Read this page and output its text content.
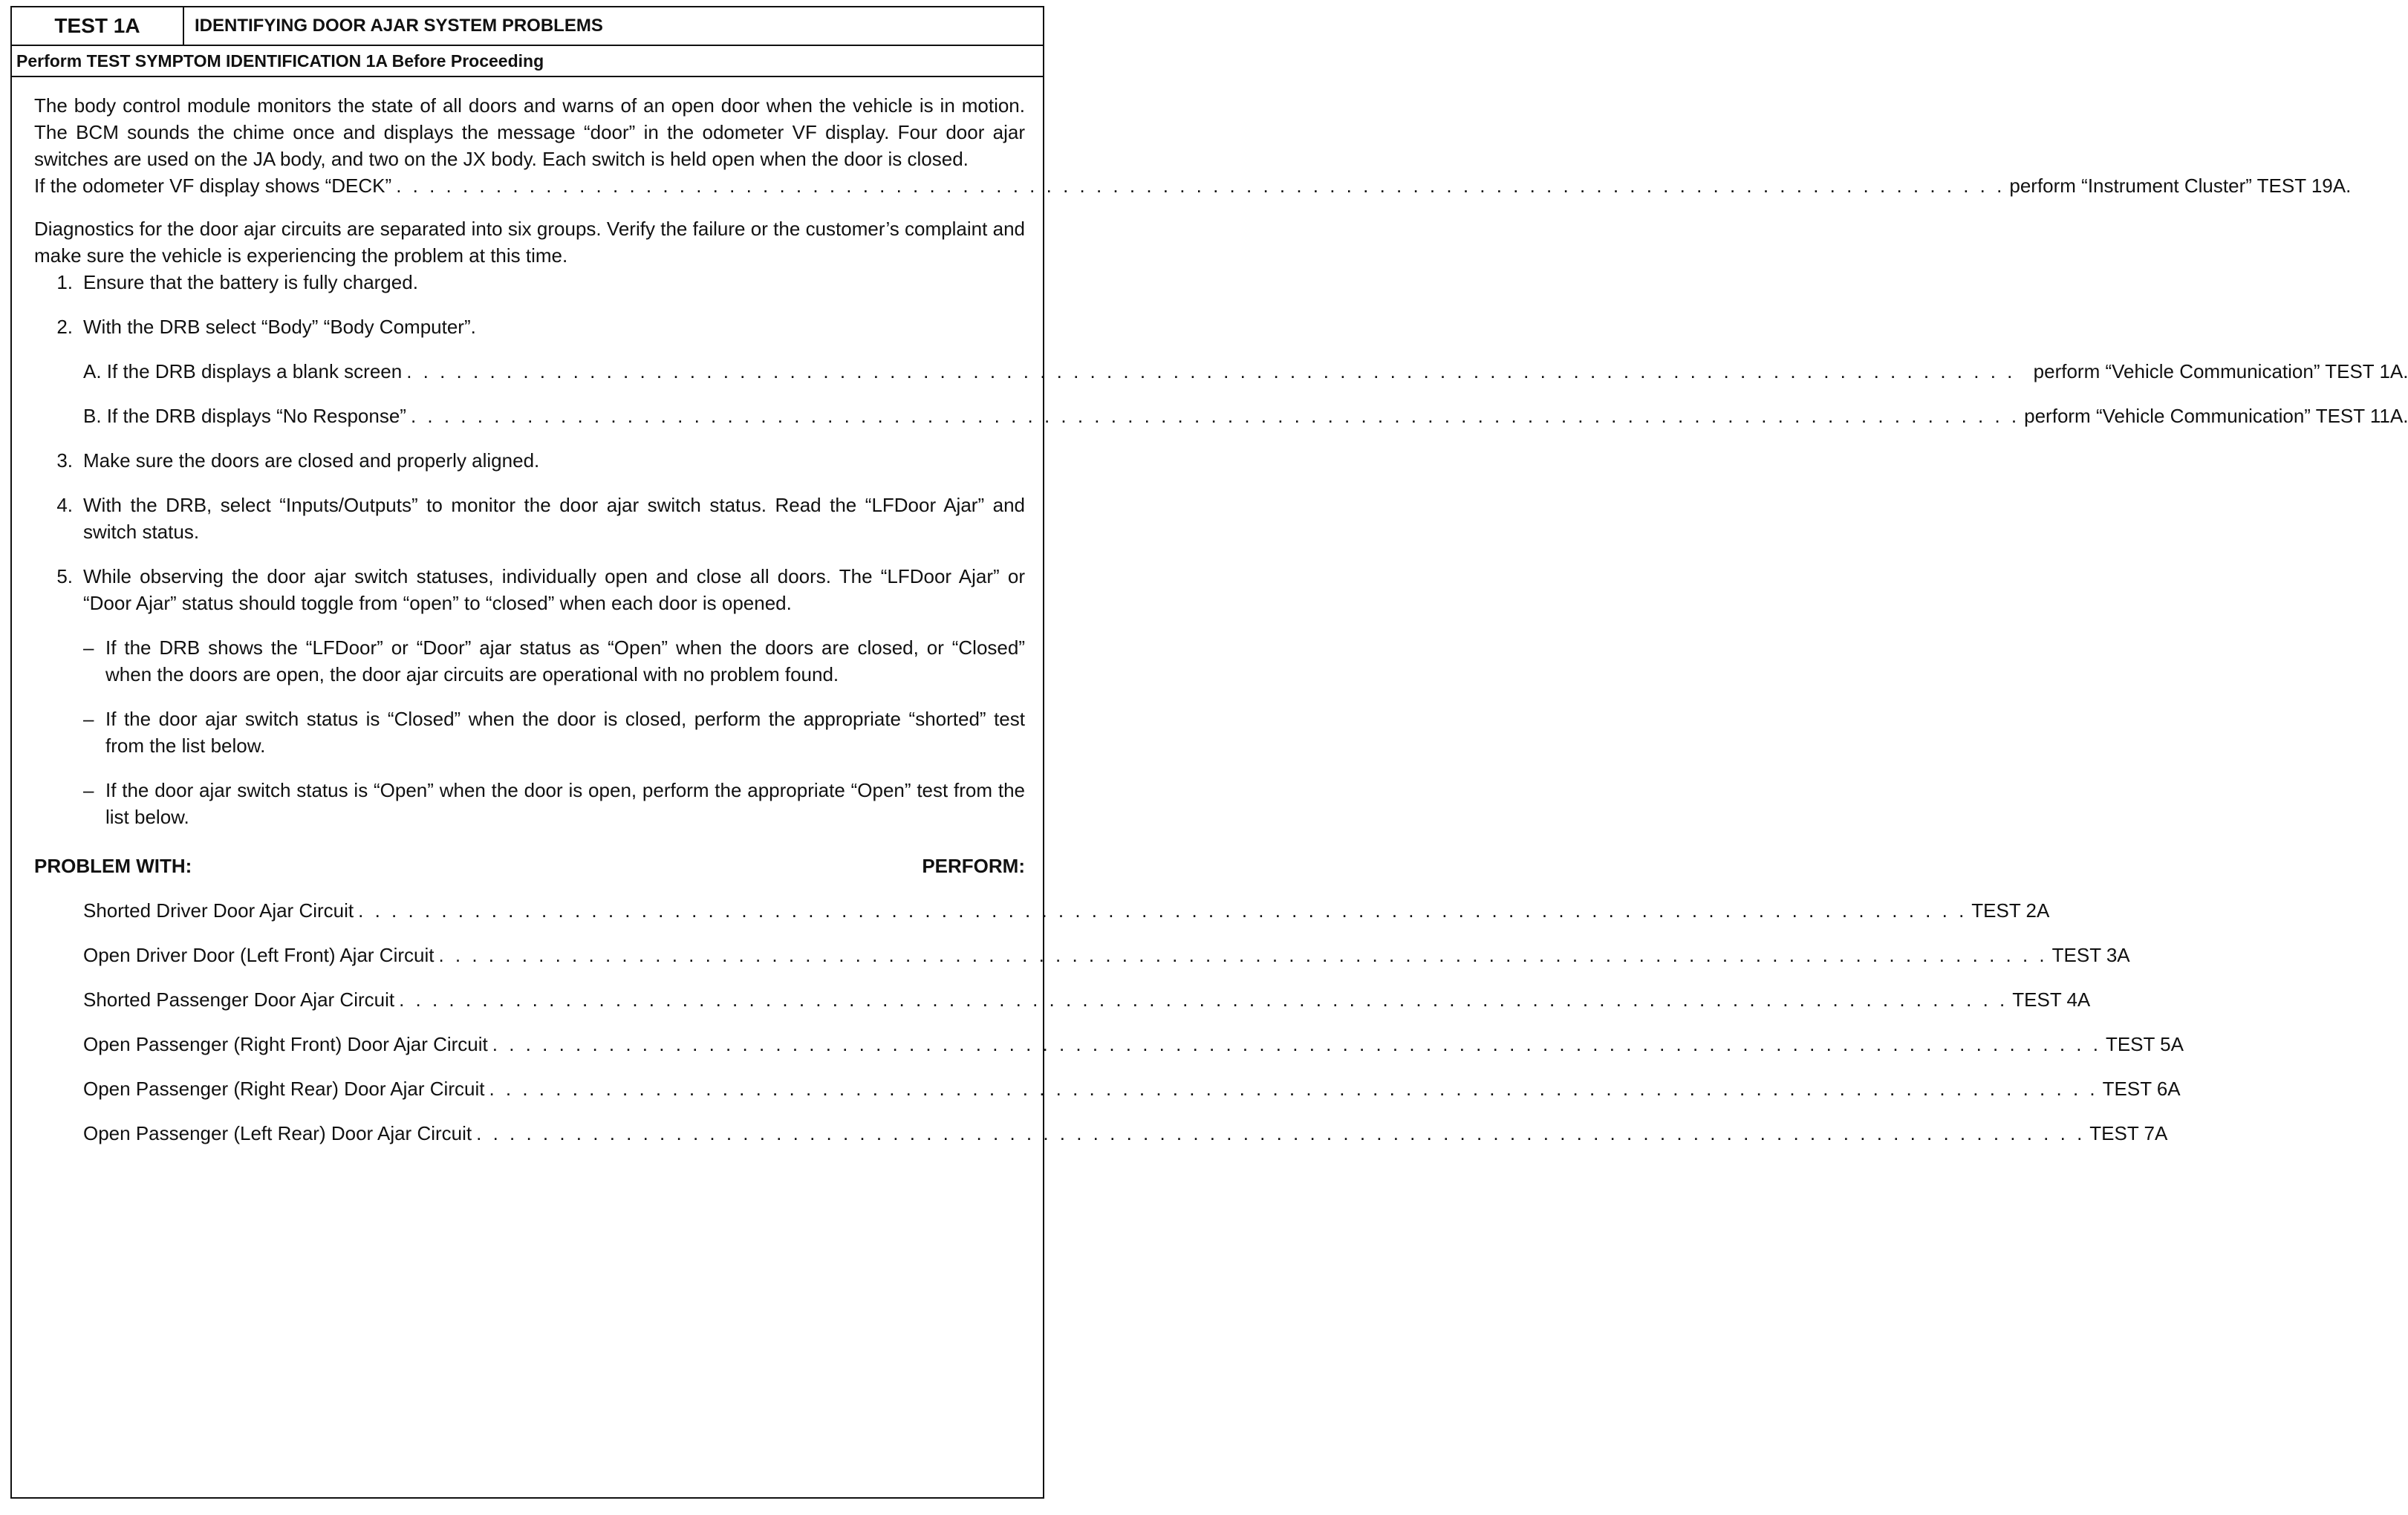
TEST 1A	IDENTIFYING DOOR AJAR SYSTEM PROBLEMS
Perform TEST SYMPTOM IDENTIFICATION 1A Before Proceeding

The body control module monitors the state of all doors and warns of an open door when the vehicle is in motion. The BCM sounds the chime once and displays the message “door” in the odometer VF display. Four door ajar switches are used on the JA body, and two on the JX body. Each switch is held open when the door is closed.

If the odometer VF display shows “DECK” . . .	perform “Instrument Cluster” TEST 19A.

Diagnostics for the door ajar circuits are separated into six groups. Verify the failure or the customer’s complaint and make sure the vehicle is experiencing the problem at this time.

1. Ensure that the battery is fully charged.
2. With the DRB select “Body” “Body Computer”.
A. If the DRB displays a blank screen . . .	perform “Vehicle Communication” TEST 1A.
B. If the DRB displays “No Response” . . .	perform “Vehicle Communication” TEST 11A.
3. Make sure the doors are closed and properly aligned.
4. With the DRB, select “Inputs/Outputs” to monitor the door ajar switch status. Read the “LFDoor Ajar” and switch status.
5. While observing the door ajar switch statuses, individually open and close all doors. The “LFDoor Ajar” or “Door Ajar” status should toggle from “open” to “closed” when each door is opened.
– If the DRB shows the “LFDoor” or “Door” ajar status as “Open” when the doors are closed, or “Closed” when the doors are open, the door ajar circuits are operational with no problem found.
– If the door ajar switch status is “Closed” when the door is closed, perform the appropriate “shorted” test from the list below.
– If the door ajar switch status is “Open” when the door is open, perform the appropriate “Open” test from the list below.
PROBLEM WITH:	PERFORM:
Shorted Driver Door Ajar Circuit . . .	TEST 2A
Open Driver Door (Left Front) Ajar Circuit . . .	TEST 3A
Shorted Passenger Door Ajar Circuit . . .	TEST 4A
Open Passenger (Right Front) Door Ajar Circuit . . .	TEST 5A
Open Passenger (Right Rear) Door Ajar Circuit . . .	TEST 6A
Open Passenger (Left Rear) Door Ajar Circuit . . .	TEST 7A
